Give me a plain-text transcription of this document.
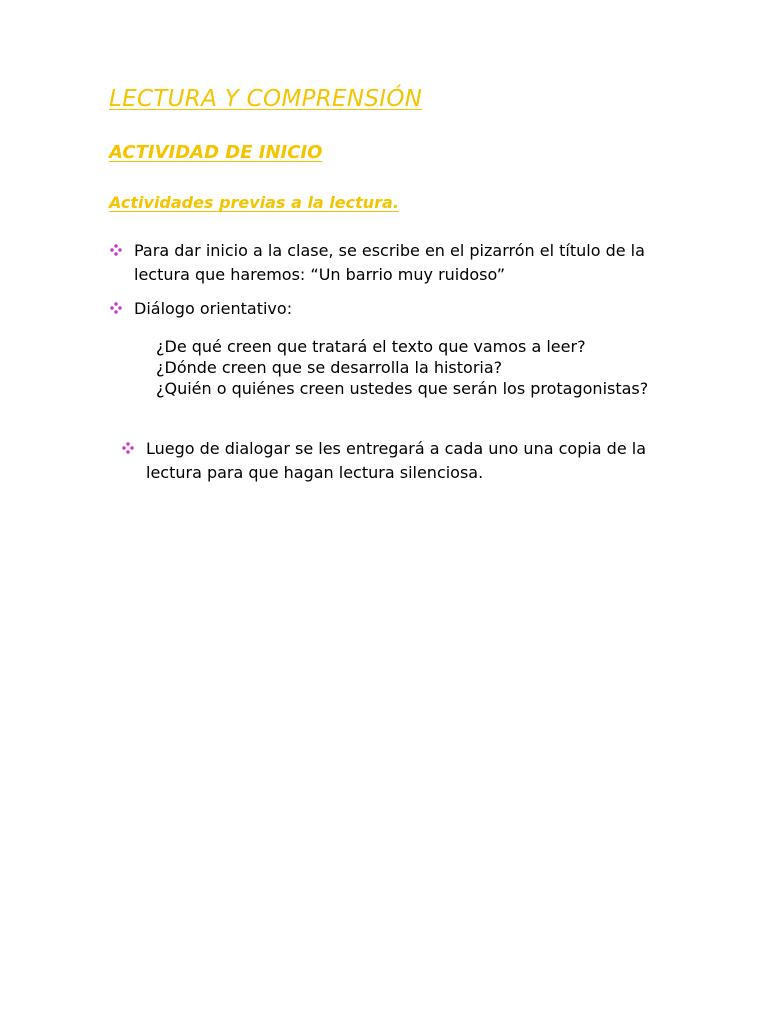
LECTURA Y COMPRENSIÓN
ACTIVIDAD DE INICIO
Actividades previas a la lectura.
Para dar inicio a la clase, se escribe en el pizarrón el título de la lectura que haremos: “Un barrio muy ruidoso”
Diálogo orientativo:
¿De qué creen que tratará el texto que vamos a leer?
¿Dónde creen que se desarrolla la historia?
¿Quién o quiénes creen ustedes que serán los protagonistas?
Luego de dialogar se les entregará a cada uno una copia de la lectura para que hagan lectura silenciosa.
